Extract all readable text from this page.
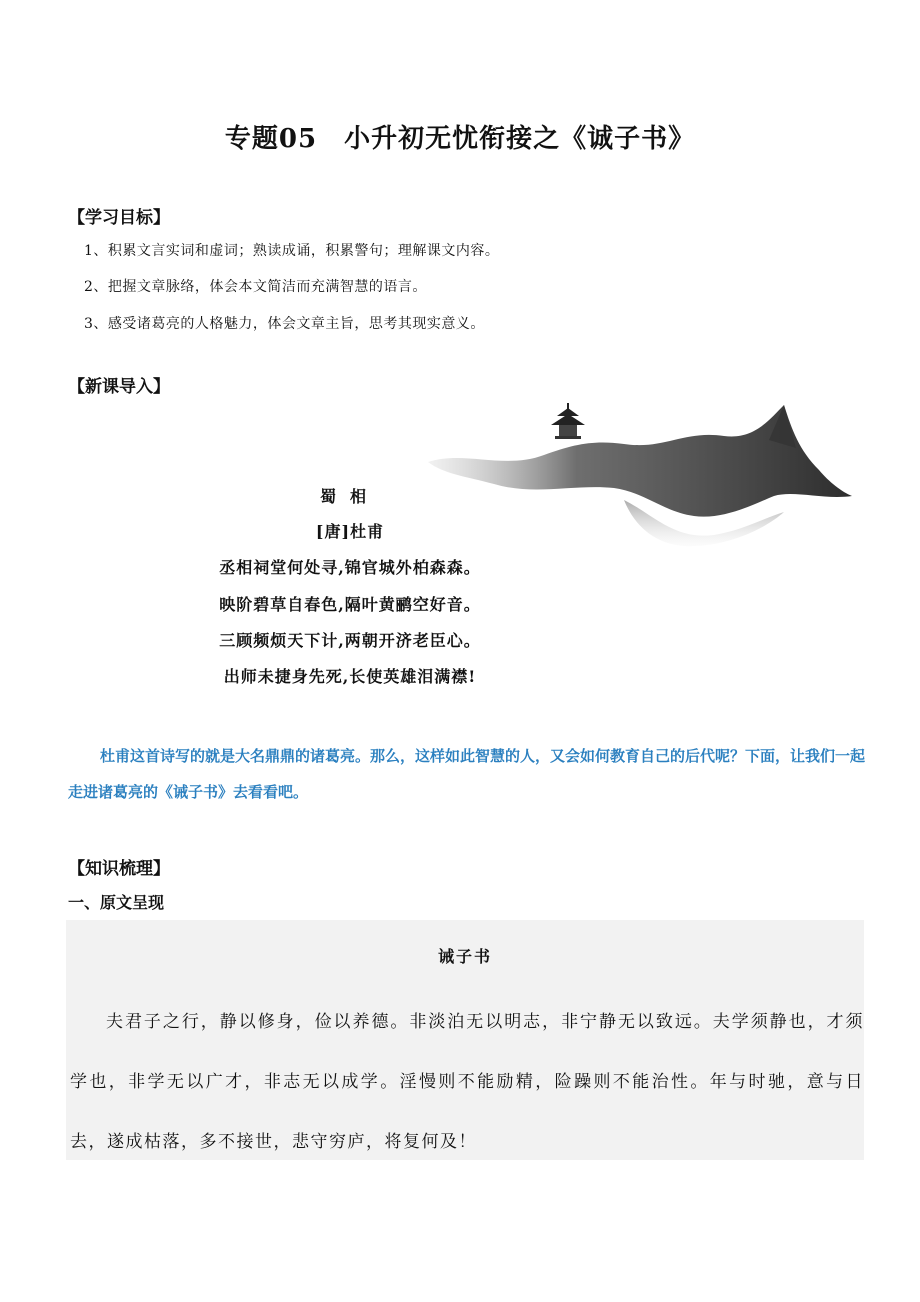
专题05　小升初无忧衔接之《诚子书》
【学习目标】
1、积累文言实词和虚词；熟读成诵，积累警句；理解课文内容。
2、把握文章脉络，体会本文简洁而充满智慧的语言。
3、感受诸葛亮的人格魅力，体会文章主旨，思考其现实意义。
【新课导入】
蜀相
[唐]杜甫
丞相祠堂何处寻,锦官城外柏森森。
映阶碧草自春色,隔叶黄鹂空好音。
三顾频烦天下计,两朝开济老臣心。
出师未捷身先死,长使英雄泪满襟!
杜甫这首诗写的就是大名鼎鼎的诸葛亮。那么，这样如此智慧的人，又会如何教育自己的后代呢？下面，让我们一起走进诸葛亮的《诫子书》去看看吧。
【知识梳理】
一、原文呈现
诫子书
夫君子之行，静以修身，俭以养德。非淡泊无以明志，非宁静无以致远。夫学须静也，才须学也，非学无以广才，非志无以成学。淫慢则不能励精，险躁则不能治性。年与时驰，意与日去，遂成枯落，多不接世，悲守穷庐，将复何及！
